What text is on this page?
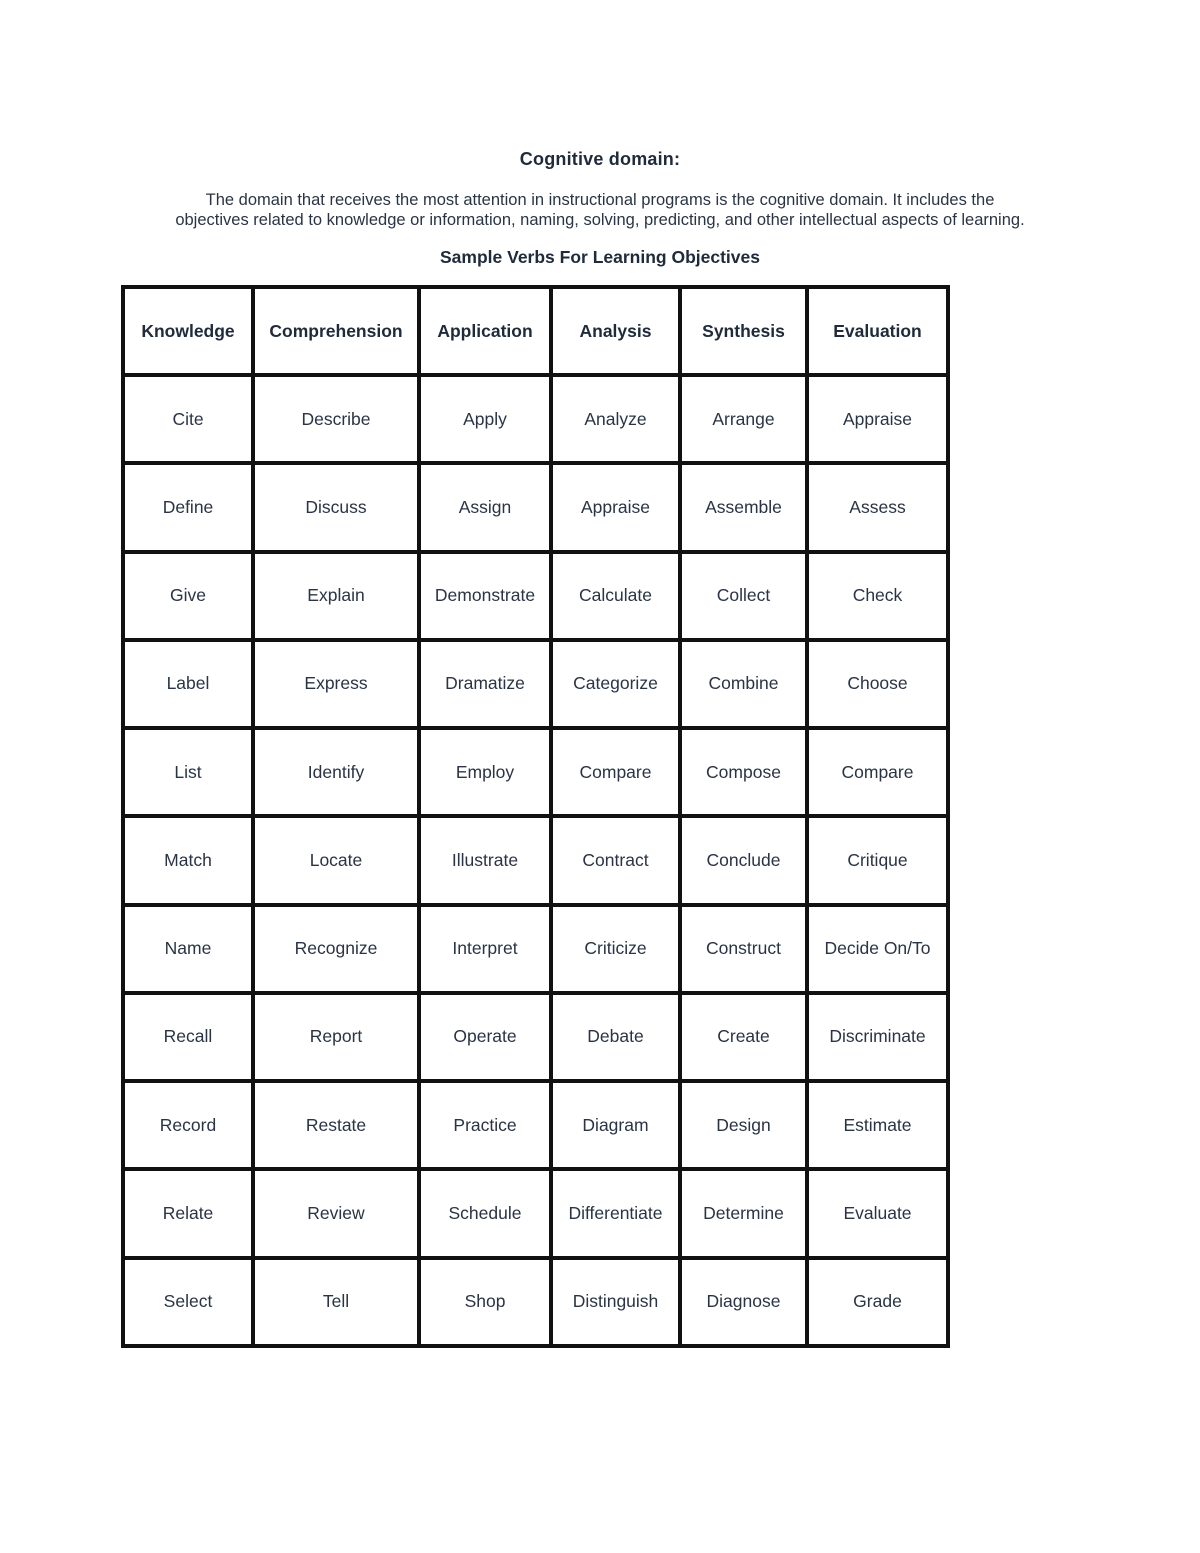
Cognitive domain:

The domain that receives the most attention in instructional programs is the cognitive domain. It includes the

objectives related to knowledge or information, naming, solving, predicting, and other intellectual aspects of learning.

Sample Verbs For Learning Objectives
Knowledge	Comprehension	Application	Analysis	Synthesis	Evaluation
Cite	Describe	Apply	Analyze	Arrange	Appraise
Define	Discuss	Assign	Appraise	Assemble	Assess
Give	Explain	Demonstrate	Calculate	Collect	Check
Label	Express	Dramatize	Categorize	Combine	Choose
List	Identify	Employ	Compare	Compose	Compare
Match	Locate	Illustrate	Contract	Conclude	Critique
Name	Recognize	Interpret	Criticize	Construct	Decide On/To
Recall	Report	Operate	Debate	Create	Discriminate
Record	Restate	Practice	Diagram	Design	Estimate
Relate	Review	Schedule	Differentiate	Determine	Evaluate
Select	Tell	Shop	Distinguish	Diagnose	Grade
